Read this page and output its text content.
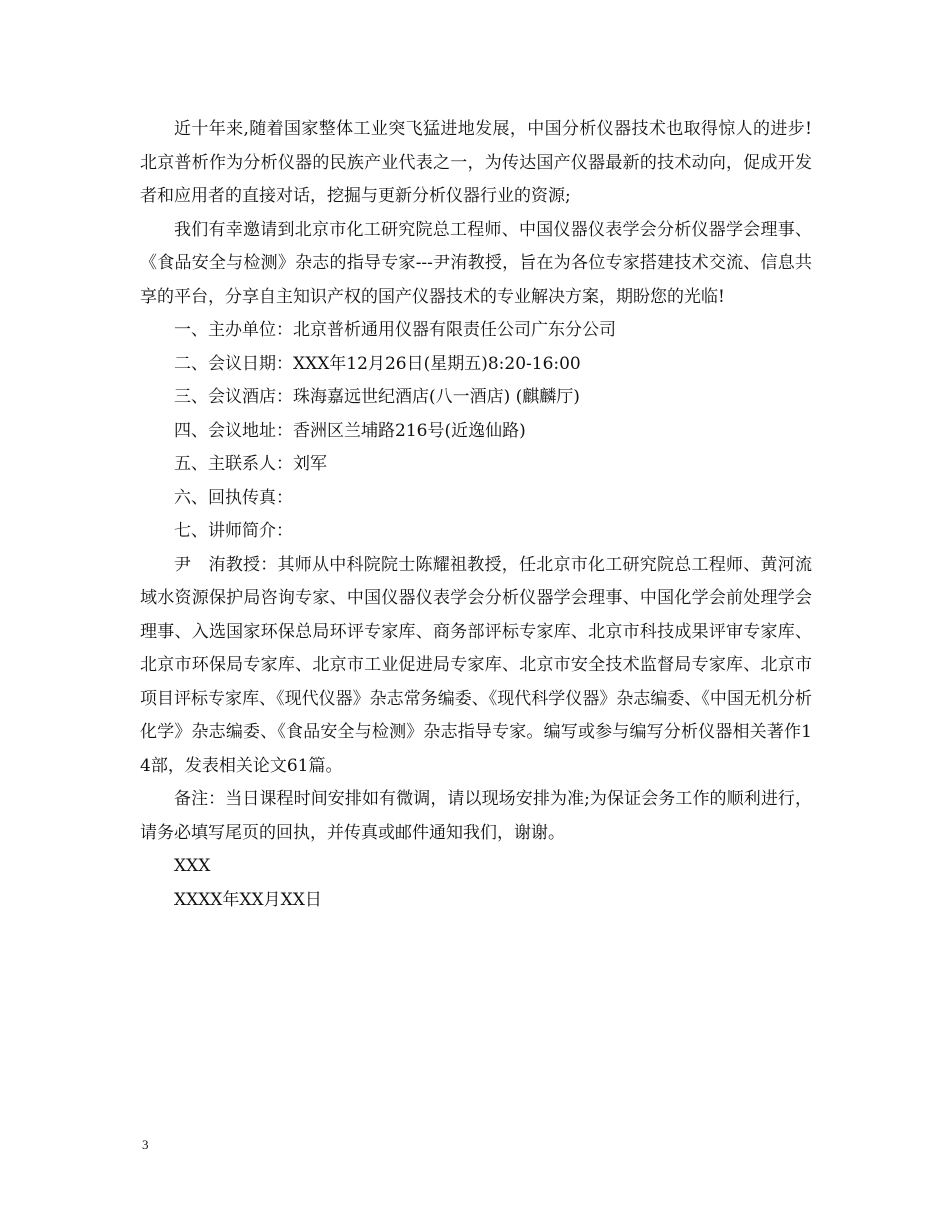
近十年来,随着国家整体工业突飞猛进地发展，中国分析仪器技术也取得惊人的进步!北京普析作为分析仪器的民族产业代表之一，为传达国产仪器最新的技术动向，促成开发者和应用者的直接对话，挖掘与更新分析仪器行业的资源;

我们有幸邀请到北京市化工研究院总工程师、中国仪器仪表学会分析仪器学会理事、《食品安全与检测》杂志的指导专家---尹洧教授，旨在为各位专家搭建技术交流、信息共享的平台，分享自主知识产权的国产仪器技术的专业解决方案，期盼您的光临!

一、主办单位：北京普析通用仪器有限责任公司广东分公司

二、会议日期：XXX年12月26日(星期五)8:20-16:00

三、会议酒店：珠海嘉远世纪酒店(八一酒店) (麒麟厅)

四、会议地址：香洲区兰埔路216号(近逸仙路)

五、主联系人：刘军

六、回执传真：

七、讲师简介：

尹　洧教授：其师从中科院院士陈耀祖教授，任北京市化工研究院总工程师、黄河流域水资源保护局咨询专家、中国仪器仪表学会分析仪器学会理事、中国化学会前处理学会理事、入选国家环保总局环评专家库、商务部评标专家库、北京市科技成果评审专家库、北京市环保局专家库、北京市工业促进局专家库、北京市安全技术监督局专家库、北京市项目评标专家库、《现代仪器》杂志常务编委、《现代科学仪器》杂志编委、《中国无机分析化学》杂志编委、《食品安全与检测》杂志指导专家。编写或参与编写分析仪器相关著作14部，发表相关论文61篇。

备注：当日课程时间安排如有微调，请以现场安排为准;为保证会务工作的顺利进行，请务必填写尾页的回执，并传真或邮件通知我们，谢谢。

XXX

XXXX年XX月XX日

3
